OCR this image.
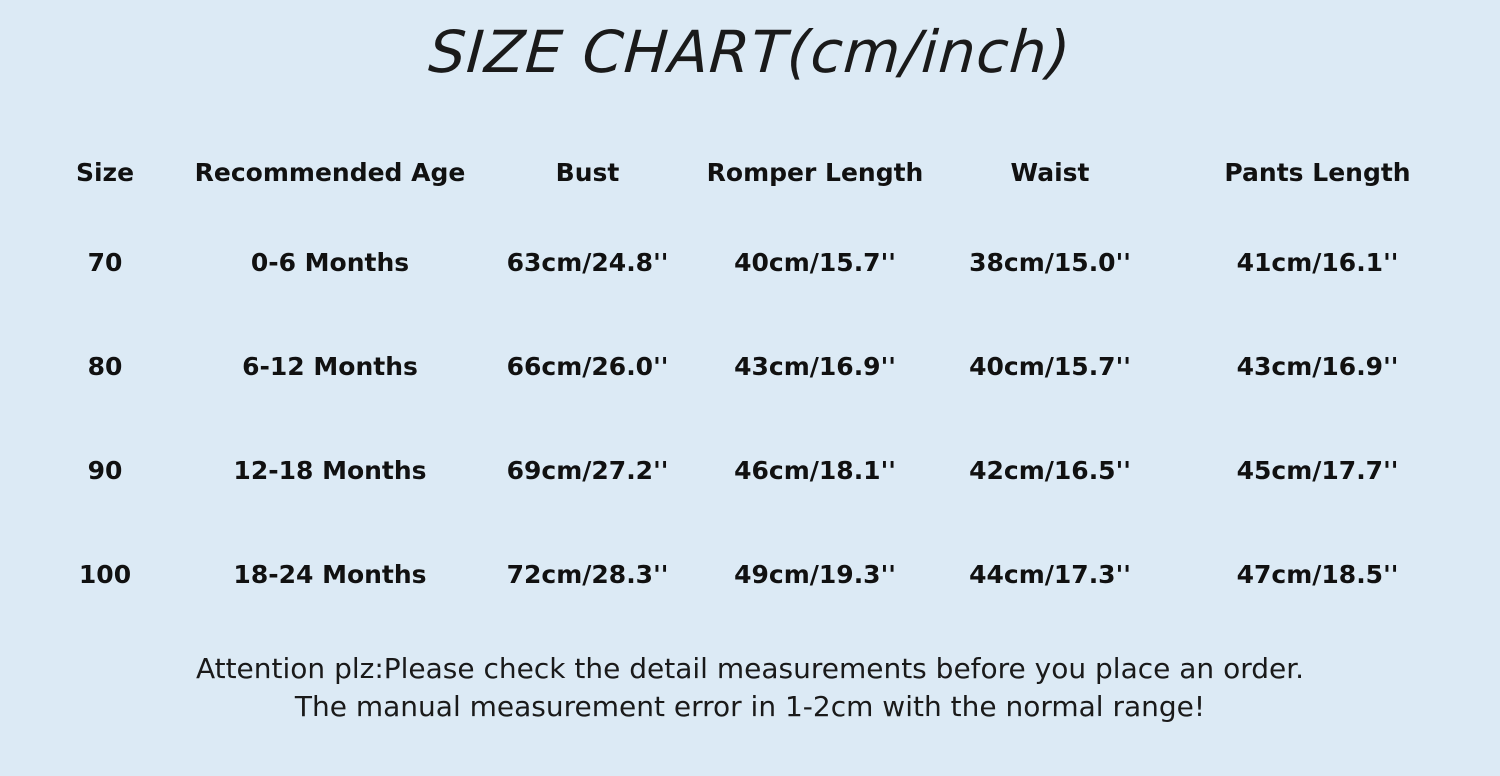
SIZE CHART(cm/inch)
Size	Recommended Age	Bust	Romper Length	Waist	Pants Length
70	0-6 Months	63cm/24.8''	40cm/15.7''	38cm/15.0''	41cm/16.1''
80	6-12 Months	66cm/26.0''	43cm/16.9''	40cm/15.7''	43cm/16.9''
90	12-18 Months	69cm/27.2''	46cm/18.1''	42cm/16.5''	45cm/17.7''
100	18-24 Months	72cm/28.3''	49cm/19.3''	44cm/17.3''	47cm/18.5''
Attention plz:Please check the detail measurements before you place an order.
The manual measurement error in 1-2cm with the normal range!
